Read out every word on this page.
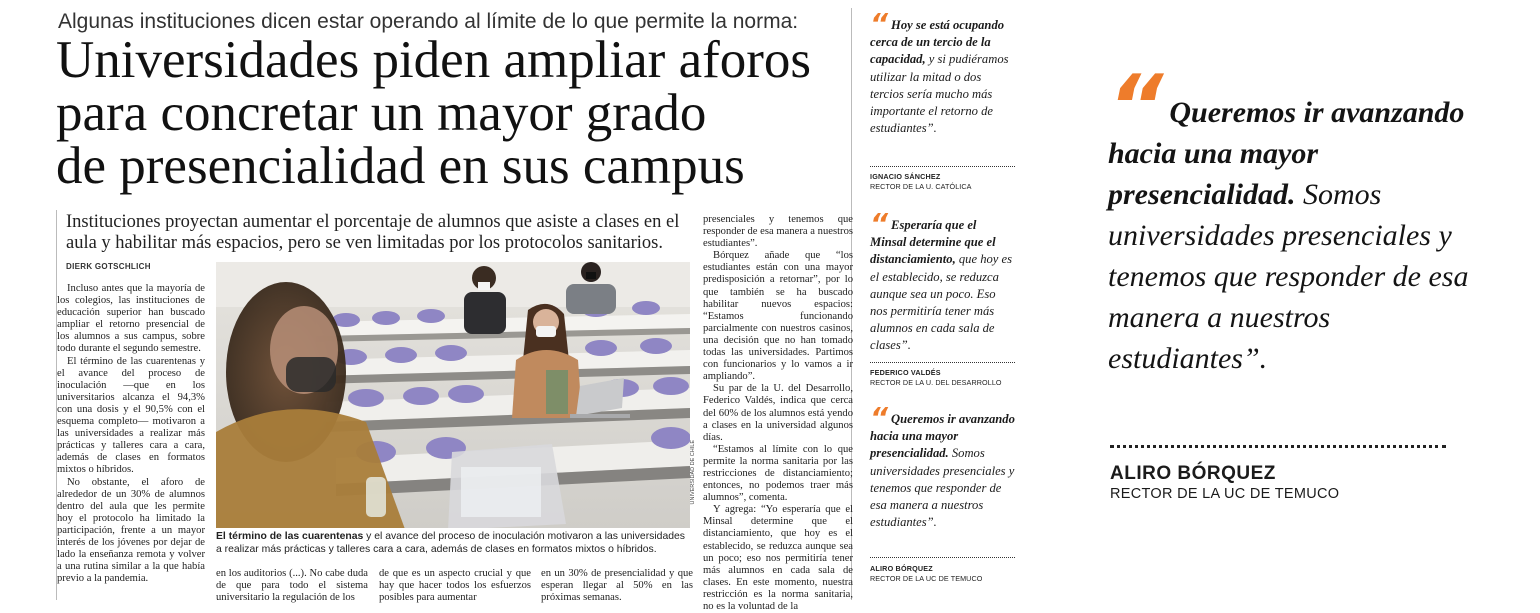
Algunas instituciones dicen estar operando al límite de lo que permite la norma:
Universidades piden ampliar aforos
para concretar un mayor grado
de presencialidad en sus campus
Instituciones proyectan aumentar el porcentaje de alumnos que asiste a clases en el aula y habilitar más espacios, pero se ven limitadas por los protocolos sanitarios.
DIERK GOTSCHLICH

Incluso antes que la mayoría de los colegios, las instituciones de educación superior han buscado ampliar el retorno presencial de los alumnos a sus campus, sobre todo durante el segundo semestre.

El término de las cuarentenas y el avance del proceso de inoculación —que en los universitarios alcanza el 94,3% con una dosis y el 90,5% con el esquema completo— motivaron a las universidades a realizar más prácticas y talleres cara a cara, además de clases en formatos mixtos o híbridos.

No obstante, el aforo de alrededor de un 30% de alumnos dentro del aula que les permite hoy el protocolo ha limitado la participación, frente a un mayor interés de los jóvenes por dejar de lado la enseñanza remota y volver a una rutina similar a la que había previo a la pandemia.

UNIVERSIDAD DE CHILE
El término de las cuarentenas y el avance del proceso de inoculación motivaron a las universidades a realizar más prácticas y talleres cara a cara, además de clases en formatos mixtos o híbridos.

en los auditorios (...). No cabe duda de que para todo el sistema universitario la regulación de los

de que es un aspecto crucial y que hay que hacer todos los esfuerzos posibles para aumentar

en un 30% de presencialidad y que esperan llegar al 50% en las próximas semanas.

presenciales y tenemos que responder de esa manera a nuestros estudiantes”.

Bórquez añade que “los estudiantes están con una mayor predisposición a retornar”, por lo que también se ha buscado habilitar nuevos espacios: “Estamos funcionando parcialmente con nuestros casinos, una decisión que no han tomado todas las universidades. Partimos con funcionarios y lo vamos a ir ampliando”.

Su par de la U. del Desarrollo, Federico Valdés, indica que cerca del 60% de los alumnos está yendo a clases en la universidad algunos días.

“Estamos al límite con lo que permite la norma sanitaria por las restricciones de distanciamiento; entonces, no podemos traer más alumnos”, comenta.

Y agrega: “Yo esperaría que el Minsal determine que el distanciamiento, que hoy es el establecido, se reduzca aunque sea un poco; eso nos permitiría tener más alumnos en cada sala de clases. En este momento, nuestra restricción es la norma sanitaria, no es la voluntad de la

“ Hoy se está ocupando cerca de un tercio de la capacidad, y si pudiéramos utilizar la mitad o dos tercios sería mucho más importante el retorno de estudiantes”.
IGNACIO SÁNCHEZ
RECTOR DE LA U. CATÓLICA
“ Esperaría que el Minsal determine que el distanciamiento, que hoy es el establecido, se reduzca aunque sea un poco. Eso nos permitiría tener más alumnos en cada sala de clases”.
FEDERICO VALDÉS
RECTOR DE LA U. DEL DESARROLLO
“ Queremos ir avanzando hacia una mayor presencialidad. Somos universidades presenciales y tenemos que responder de esa manera a nuestros estudiantes”.
ALIRO BÓRQUEZ
RECTOR DE LA UC DE TEMUCO
“ Queremos ir avanzando hacia una mayor presencialidad. Somos universidades presenciales y tenemos que responder de esa manera a nuestros estudiantes”.
ALIRO BÓRQUEZ
RECTOR DE LA UC DE TEMUCO
